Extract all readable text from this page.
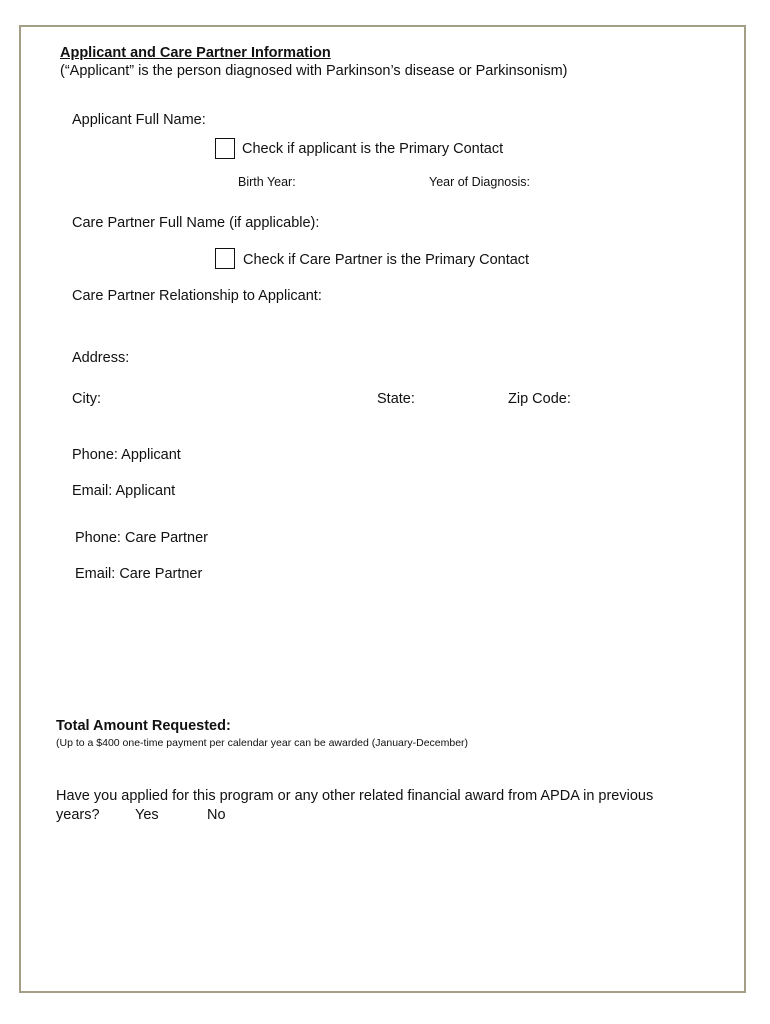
Applicant and Care Partner Information
(“Applicant” is the person diagnosed with Parkinson’s disease or Parkinsonism)
Applicant Full Name:
Check if applicant is the Primary Contact
Birth Year:	Year of Diagnosis:
Care Partner Full Name (if applicable):
Check if Care Partner is the Primary Contact
Care Partner Relationship to Applicant:
Address:
City:	State:	Zip Code:
Phone: Applicant
Email: Applicant
Phone: Care Partner
Email: Care Partner
Total Amount Requested:
(Up to a $400 one-time payment per calendar year can be awarded (January-December)
Have you applied for this program or any other related financial award from APDA in previous
years? Yes	No
